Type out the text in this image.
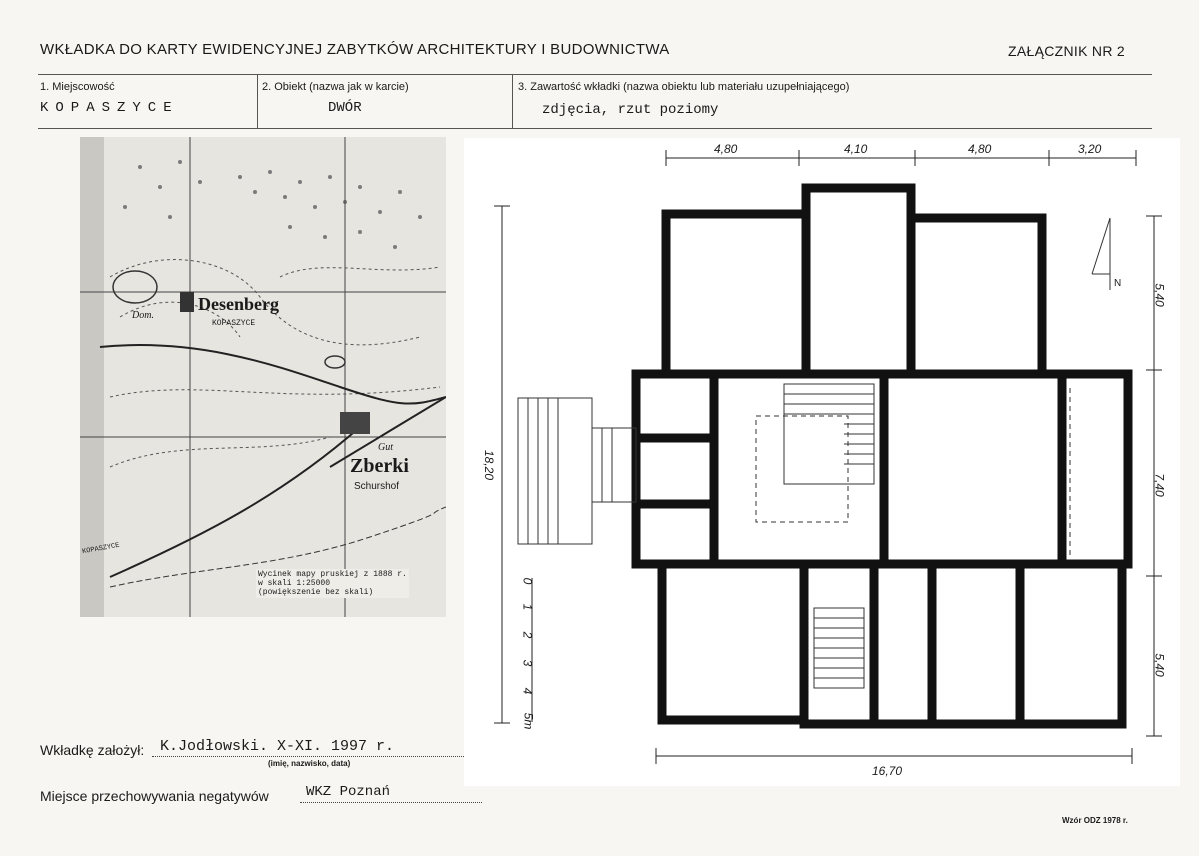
WKŁADKA DO KARTY EWIDENCYJNEJ ZABYTKÓW ARCHITEKTURY I BUDOWNICTWA	ZAŁĄCZNIK NR 2
1. Miejscowość
KOPASZYCE
2. Obiekt (nazwa jak w karcie)
DWÓR
3. Zawartość wkładki (nazwa obiektu lub materiału uzupełniającego)
zdjęcia, rzut poziomy
Desenberg
KOPASZYCE
Dom.
Gut
Zberki
Schurshof
KOPASZYCE
Wycinek mapy pruskiej z 1888 r.
w skali 1:25000
(powiększenie bez skali)
4,80	4,10	4,80	3,20
18,20
5,40
7,40
5,40
16,70
N
0
1
2
3
4
5m
Wkładkę założył: K.Jodłowski. X-XI. 1997 r.
(imię, nazwisko, data)
Miejsce przechowywania negatywów	WKZ Poznań
Wzór ODZ 1978 r.
